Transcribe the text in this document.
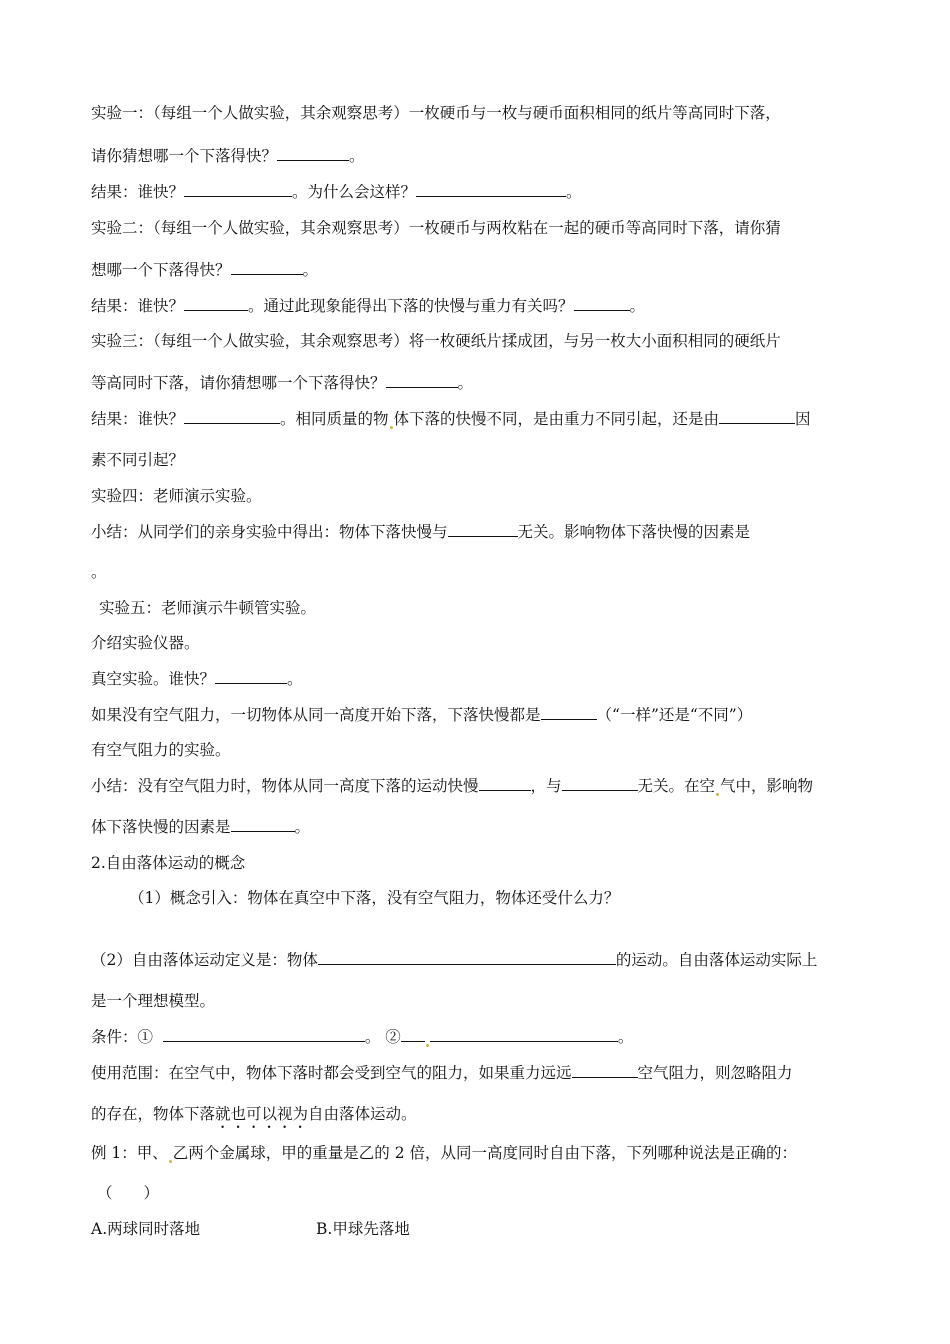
实验一：（每组一个人做实验，其余观察思考）一枚硬币与一枚与硬币面积相同的纸片等高同时下落，
请你猜想哪一个下落得快？	。
结果：谁快？	。为什么会这样？	。
实验二：（每组一个人做实验，其余观察思考）一枚硬币与两枚粘在一起的硬币等高同时下落，请你猜
想哪一个下落得快？	。
结果：谁快？	。通过此现象能得出下落的快慢与重力有关吗？	。
实验三：（每组一个人做实验，其余观察思考）将一枚硬纸片揉成团，与另一枚大小面积相同的硬纸片
等高同时下落，请你猜想哪一个下落得快？	。
结果：谁快？	。相同质量的物 体下落的快慢不同，是由重力不同引起，还是由	因
素不同引起？
实验四：老师演示实验。
小结：从同学们的亲身实验中得出：物体下落快慢与	无关。影响物体下落快慢的因素是
。
实验五：老师演示牛顿管实验。
介绍实验仪器。
真空实验。谁快？	。
如果没有空气阻力，一切物体从同一高度开始下落，下落快慢都是	（“一样”还是“不同”）
有空气阻力的实验。
小结：没有空气阻力时，物体从同一高度下落的运动快慢	，与	无关。在空 气中，影响物
体下落快慢的因素是	。
2.自由落体运动的概念
（1）概念引入：物体在真空中下落，没有空气阻力，物体还受什么力？
（2）自由落体运动定义是：物体	的运动。自由落体运动实际上
是一个理想模型。
条件：①	。 ②	。
使用范围：在空气中，物体下落时都会受到空气的阻力，如果重力远远	空气阻力，则忽略阻力
的存在，物体下落就也可以视为自由落体运动。
例 1：甲、 乙两个金属球，甲的重量是乙的 2 倍，从同一高度同时自由下落，下列哪种说法是正确的：
（　　）
A.两球同时落地	B.甲球先落地
